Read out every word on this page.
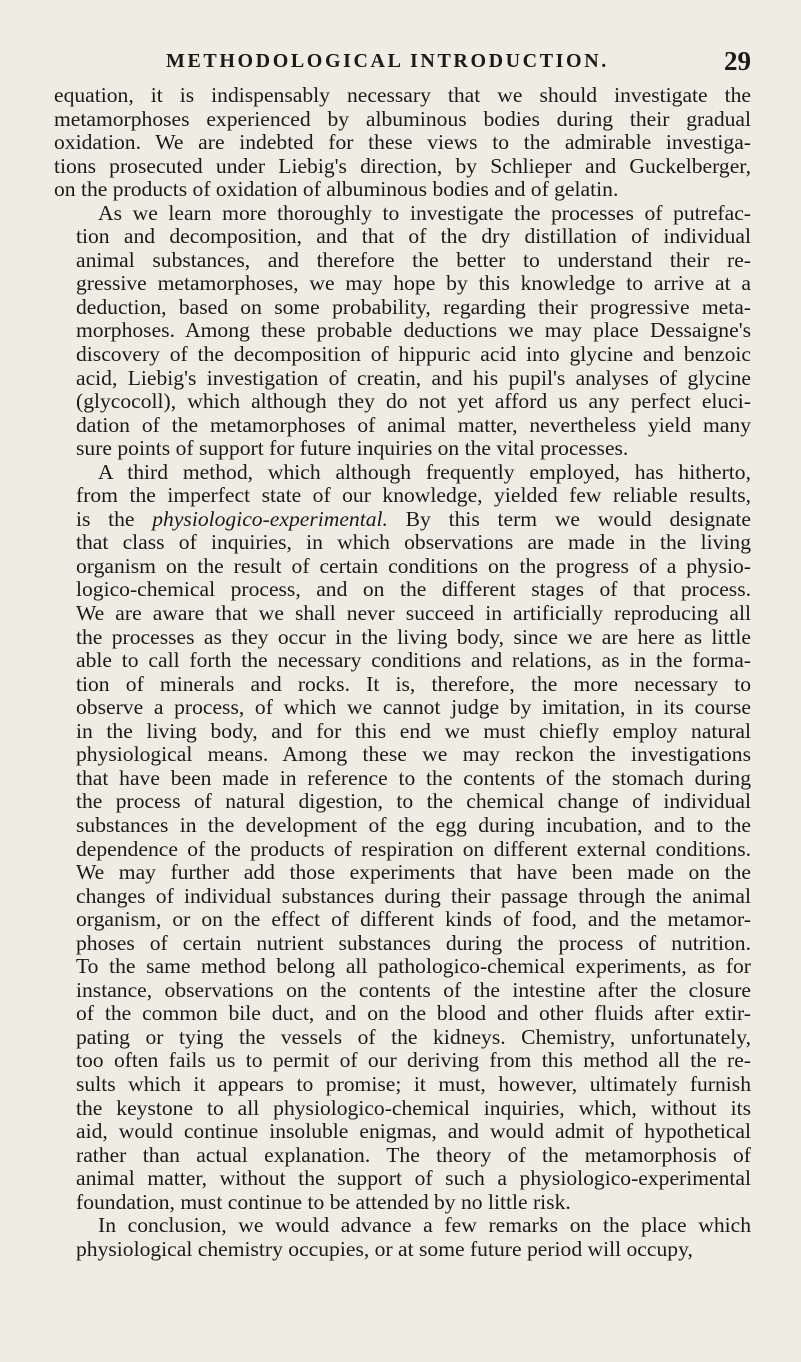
METHODOLOGICAL INTRODUCTION.	29
equation, it is indispensably necessary that we should investigate the
metamorphoses experienced by albuminous bodies during their gradual
oxidation. We are indebted for these views to the admirable investiga-
tions prosecuted under Liebig's direction, by Schlieper and Guckelberger,
on the products of oxidation of albuminous bodies and of gelatin.
As we learn more thoroughly to investigate the processes of putrefac-
tion and decomposition, and that of the dry distillation of individual
animal substances, and therefore the better to understand their re-
gressive metamorphoses, we may hope by this knowledge to arrive at a
deduction, based on some probability, regarding their progressive meta-
morphoses. Among these probable deductions we may place Dessaigne's
discovery of the decomposition of hippuric acid into glycine and benzoic
acid, Liebig's investigation of creatin, and his pupil's analyses of glycine
(glycocoll), which although they do not yet afford us any perfect eluci-
dation of the metamorphoses of animal matter, nevertheless yield many
sure points of support for future inquiries on the vital processes.
A third method, which although frequently employed, has hitherto,
from the imperfect state of our knowledge, yielded few reliable results,
is the physiologico-experimental. By this term we would designate
that class of inquiries, in which observations are made in the living
organism on the result of certain conditions on the progress of a physio-
logico-chemical process, and on the different stages of that process.
We are aware that we shall never succeed in artificially reproducing all
the processes as they occur in the living body, since we are here as little
able to call forth the necessary conditions and relations, as in the forma-
tion of minerals and rocks. It is, therefore, the more necessary to
observe a process, of which we cannot judge by imitation, in its course
in the living body, and for this end we must chiefly employ natural
physiological means. Among these we may reckon the investigations
that have been made in reference to the contents of the stomach during
the process of natural digestion, to the chemical change of individual
substances in the development of the egg during incubation, and to the
dependence of the products of respiration on different external conditions.
We may further add those experiments that have been made on the
changes of individual substances during their passage through the animal
organism, or on the effect of different kinds of food, and the metamor-
phoses of certain nutrient substances during the process of nutrition.
To the same method belong all pathologico-chemical experiments, as for
instance, observations on the contents of the intestine after the closure
of the common bile duct, and on the blood and other fluids after extir-
pating or tying the vessels of the kidneys. Chemistry, unfortunately,
too often fails us to permit of our deriving from this method all the re-
sults which it appears to promise; it must, however, ultimately furnish
the keystone to all physiologico-chemical inquiries, which, without its
aid, would continue insoluble enigmas, and would admit of hypothetical
rather than actual explanation. The theory of the metamorphosis of
animal matter, without the support of such a physiologico-experimental
foundation, must continue to be attended by no little risk.
In conclusion, we would advance a few remarks on the place which
physiological chemistry occupies, or at some future period will occupy,
